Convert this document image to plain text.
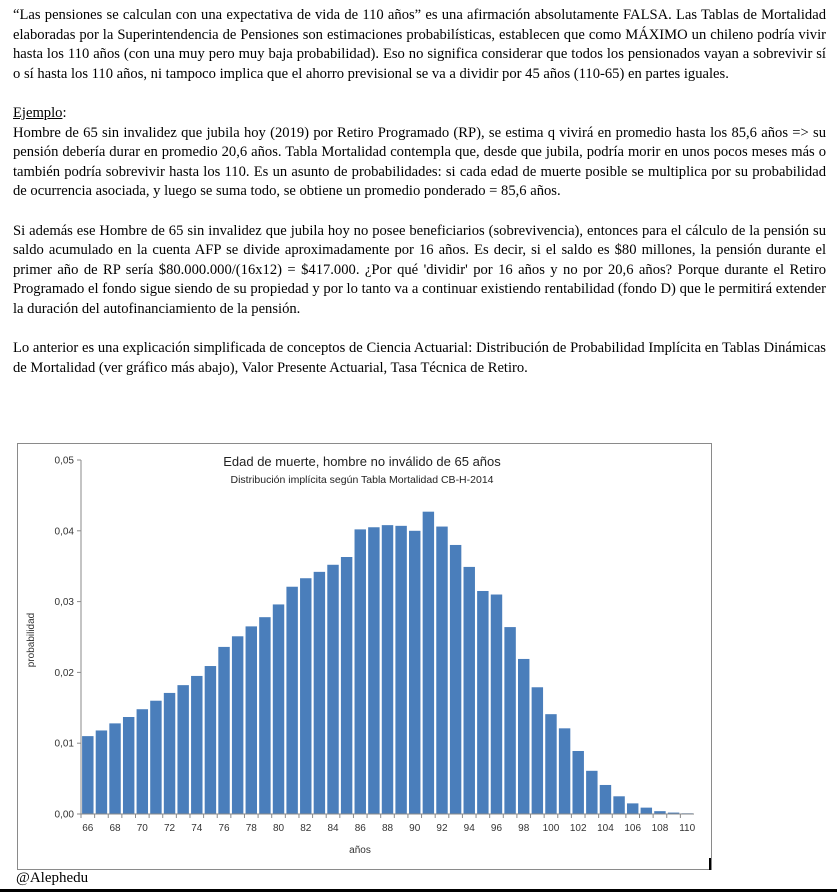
“Las pensiones se calculan con una expectativa de vida de 110 años” es una afirmación absolutamente FALSA. Las Tablas de Mortalidad elaboradas por la Superintendencia de Pensiones son estimaciones probabilísticas, establecen que como MÁXIMO un chileno podría vivir hasta los 110 años (con una muy pero muy baja probabilidad). Eso no significa considerar que todos los pensionados vayan a sobrevivir sí o sí hasta los 110 años, ni tampoco implica que el ahorro previsional se va a dividir por 45 años (110-65) en partes iguales.

Ejemplo:

Hombre de 65 sin invalidez que jubila hoy (2019) por Retiro Programado (RP), se estima q vivirá en promedio hasta los 85,6 años => su pensión debería durar en promedio 20,6 años. Tabla Mortalidad contempla que, desde que jubila, podría morir en unos pocos meses más o también podría sobrevivir hasta los 110. Es un asunto de probabilidades: si cada edad de muerte posible se multiplica por su probabilidad de ocurrencia asociada, y luego se suma todo, se obtiene un promedio ponderado = 85,6 años.

Si además ese Hombre de 65 sin invalidez que jubila hoy no posee beneficiarios (sobrevivencia), entonces para el cálculo de la pensión su saldo acumulado en la cuenta AFP se divide aproximadamente por 16 años. Es decir, si el saldo es $80 millones, la pensión durante el primer año de RP sería $80.000.000/(16x12) = $417.000. ¿Por qué 'dividir' por 16 años y no por 20,6 años? Porque durante el Retiro Programado el fondo sigue siendo de su propiedad y por lo tanto va a continuar existiendo rentabilidad (fondo D) que le permitirá extender la duración del autofinanciamiento de la pensión.

Lo anterior es una explicación simplificada de conceptos de Ciencia Actuarial: Distribución de Probabilidad Implícita en Tablas Dinámicas de Mortalidad (ver gráfico más abajo), Valor Presente Actuarial, Tasa Técnica de Retiro.

Edad de muerte, hombre no inválido de 65 años
Distribución implícita según Tabla Mortalidad CB-H-2014
probabilidad
años
0,00
0,01
0,02
0,03
0,04
0,05
66 68 70 72 74 76 78 80 82 84 86 88 90 92 94 96 98 100 102 104 106 108 110
@Alephedu
